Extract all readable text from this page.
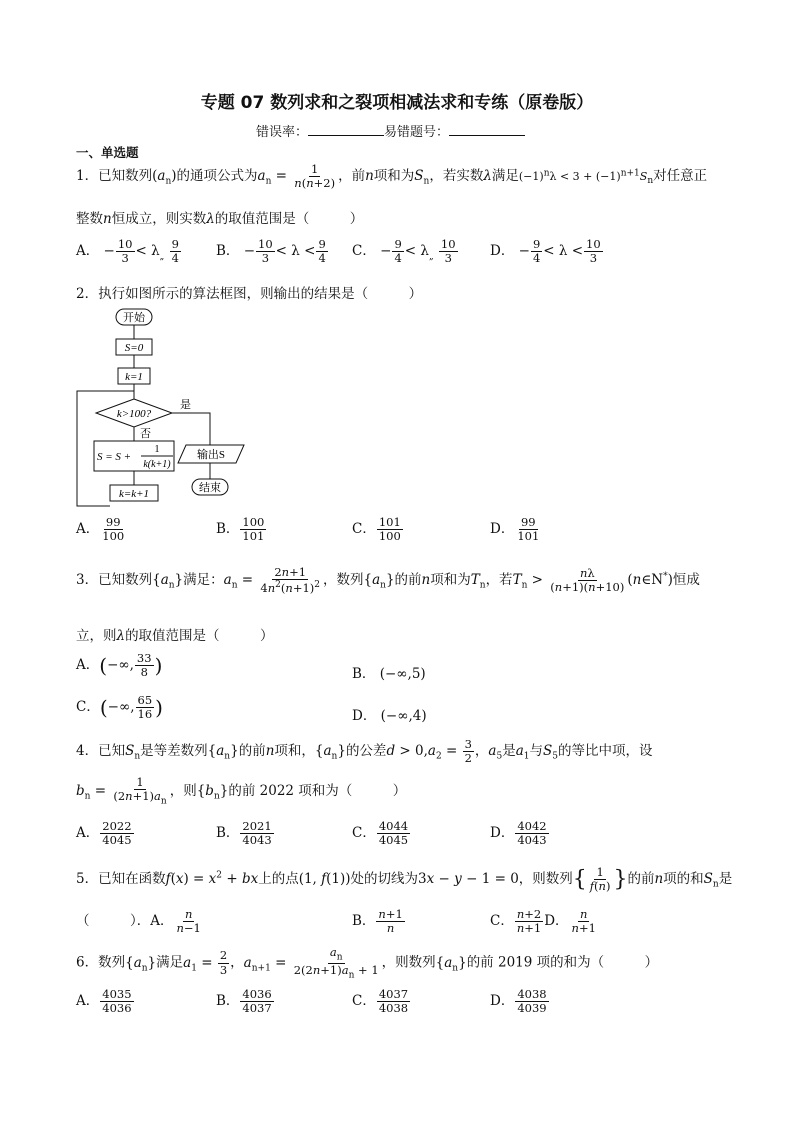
专题 07 数列求和之裂项相减法求和专练（原卷版）
错误率：	易错题号：
一、单选题
1．已知数列$(a_n)$的通项公式为$a_n = \frac{1}{n(n+2)}$ ，前n项和为$S_n$，若实数λ满足$(-1)^n\lambda < 3 + (-1)^{n+1}S_n$对任意正
整数n恒成立，则实数λ的取值范围是（　　　）
A． − $\frac{10}{3} < \lambda_„ \frac{9}{4}$	B． − $\frac{10}{3} < \lambda < \frac{9}{4}$ C． − $\frac{9}{4} < \lambda_„ \frac{10}{3}$ D． − $\frac{9}{4} < \lambda < \frac{10}{3}$
2．执行如图所示的算法框图，则输出的结果是（　　　）
开始
S=0
k=1
k>100?
是
否
S = S +
1
k(k+1)
k=k+1
输出S
结束
A． $\frac{99}{100}$	B． $\frac{100}{101}$	C． $\frac{101}{100}$	D． $\frac{99}{101}$
3．已知数列$\{a_n\}$满足：$a_n = \frac{2n+1}{4n^2(n+1)^2}$ ，数列$\{a_n\}$的前n项和为$T_n$，若$T_n > \frac{n\lambda}{(n+1)(n+10)}$ (n∈N*)恒成
立，则λ的取值范围是（　　　）
A．(−∞, $\frac{33}{8}$ )	B． (−∞,5)
C．(−∞, $\frac{65}{16}$ )	D． (−∞,4)
4．已知$S_n$是等差数列$\{a_n\}$的前n项和，$\{a_n\}$的公差$d > 0,a_2 = \frac{3}{2}$ ，$a_5$是$a_1$与$S_5$的等比中项，设
$b_n = \frac{1}{(2n+1)a_n}$ ，则$\{b_n\}$的前 2022 项和为（　　　）
A． $\frac{2022}{4045}$	B． $\frac{2021}{4043}$	C． $\frac{4044}{4045}$	D． $\frac{4042}{4043}$
5．已知在函数$f(x) = x^2$ + bx上的点(1, f(1))处的切线为3x − y − 1 = 0，则数列{ $\frac{1}{f(n)}$ }的前n项的和$S_n$是
（　　　）．A． $\frac{n}{n-1}$	B． $\frac{n+1}{n}$	C． $\frac{n+2}{n+1}$ D． $\frac{n}{n+1}$
6．数列$\{a_n\}$满足$a_1 = \frac{2}{3}$ ，$a_{n+1} = \frac{a_n}{2(2n+1)a_n + 1}$ ，则数列$\{a_n\}$的前 2019 项的和为（　　　）
A． $\frac{4035}{4036}$	B． $\frac{4036}{4037}$	C． $\frac{4037}{4038}$	D． $\frac{4038}{4039}$
